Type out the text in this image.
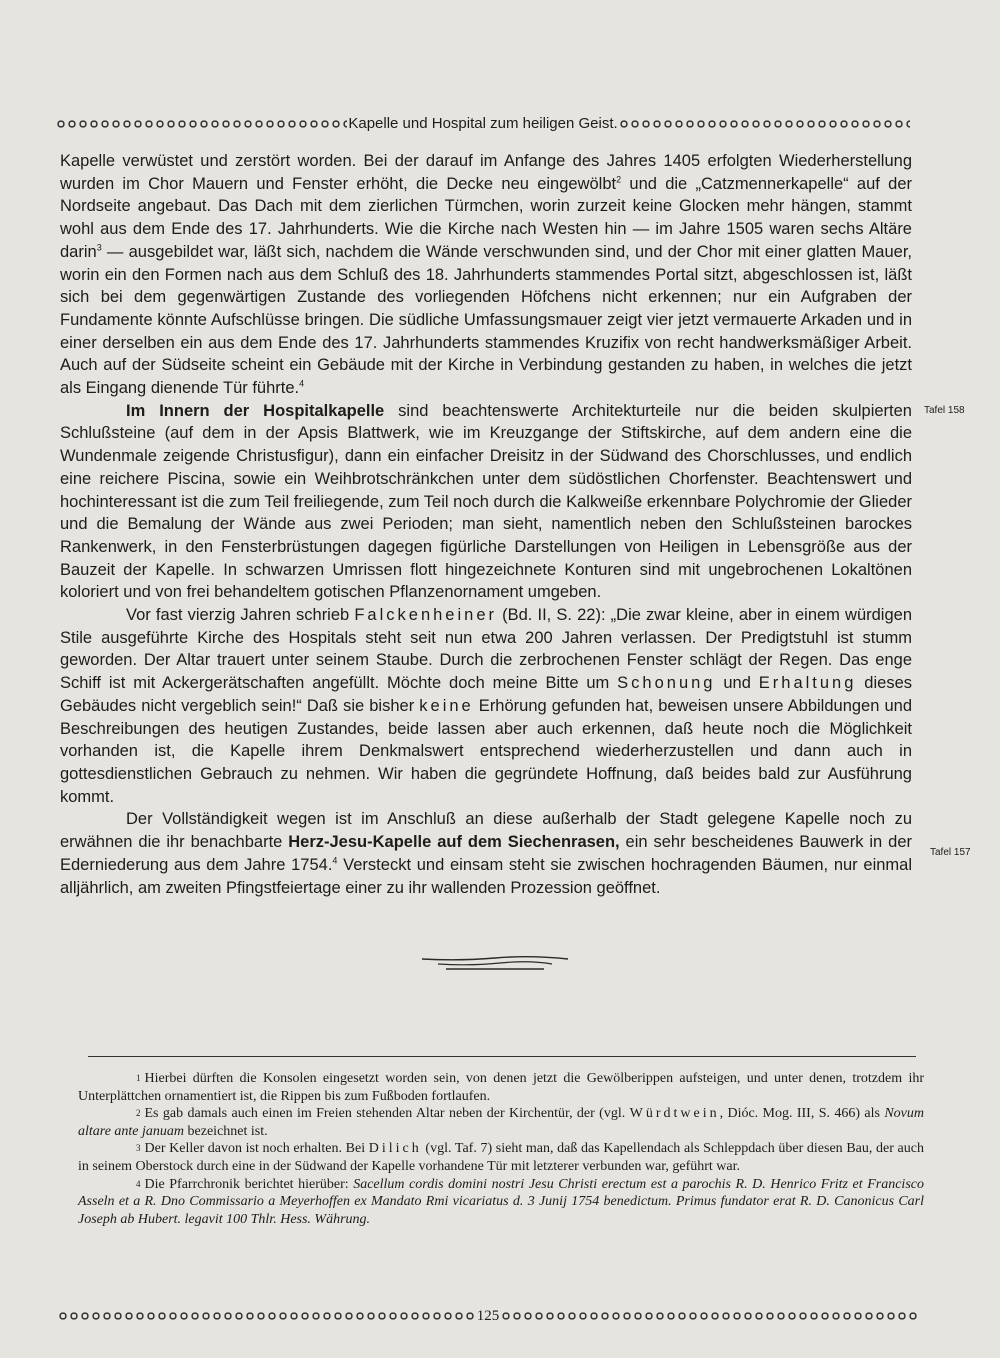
Kapelle und Hospital zum heiligen Geist.

Kapelle verwüstet und zerstört worden. Bei der darauf im Anfange des Jahres 1405 erfolgten Wiederherstellung wurden im Chor Mauern und Fenster erhöht, die Decke neu eingewölbt$^2$ und die „Catzmennerkapelle“ auf der Nordseite angebaut. Das Dach mit dem zierlichen Türmchen, worin zurzeit keine Glocken mehr hängen, stammt wohl aus dem Ende des 17. Jahrhunderts. Wie die Kirche nach Westen hin — im Jahre 1505 waren sechs Altäre darin$^3$ — ausgebildet war, läßt sich, nachdem die Wände verschwunden sind, und der Chor mit einer glatten Mauer, worin ein den Formen nach aus dem Schluß des 18. Jahrhunderts stammendes Portal sitzt, abgeschlossen ist, läßt sich bei dem gegenwärtigen Zustande des vorliegenden Höfchens nicht erkennen; nur ein Aufgraben der Fundamente könnte Aufschlüsse bringen. Die südliche Umfassungsmauer zeigt vier jetzt vermauerte Arkaden und in einer derselben ein aus dem Ende des 17. Jahrhunderts stammendes Kruzifix von recht handwerksmäßiger Arbeit. Auch auf der Südseite scheint ein Gebäude mit der Kirche in Verbindung gestanden zu haben, in welches die jetzt als Eingang dienende Tür führte.$^4$

Im Innern der Hospitalkapelle sind beachtenswerte Architekturteile nur die beiden skulpierten Schlußsteine (auf dem in der Apsis Blattwerk, wie im Kreuzgange der Stiftskirche, auf dem andern eine die Wundenmale zeigende Christusfigur), dann ein einfacher Dreisitz in der Südwand des Chorschlusses, und endlich eine reichere Piscina, sowie ein Weihbrotschränkchen unter dem südöstlichen Chorfenster. Beachtenswert und hochinteressant ist die zum Teil freiliegende, zum Teil noch durch die Kalkweiße erkennbare Polychromie der Glieder und die Bemalung der Wände aus zwei Perioden; man sieht, namentlich neben den Schlußsteinen barockes Rankenwerk, in den Fensterbrüstungen dagegen figürliche Darstellungen von Heiligen in Lebensgröße aus der Bauzeit der Kapelle. In schwarzen Umrissen flott hingezeichnete Konturen sind mit ungebrochenen Lokaltönen koloriert und von frei behandeltem gotischen Pflanzenornament umgeben.

Vor fast vierzig Jahren schrieb Falckenheiner (Bd. II, S. 22): „Die zwar kleine, aber in einem würdigen Stile ausgeführte Kirche des Hospitals steht seit nun etwa 200 Jahren verlassen. Der Predigtstuhl ist stumm geworden. Der Altar trauert unter seinem Staube. Durch die zerbrochenen Fenster schlägt der Regen. Das enge Schiff ist mit Ackergerätschaften angefüllt. Möchte doch meine Bitte um Schonung und Erhaltung dieses Gebäudes nicht vergeblich sein!“ Daß sie bisher keine Erhörung gefunden hat, beweisen unsere Abbildungen und Beschreibungen des heutigen Zustandes, beide lassen aber auch erkennen, daß heute noch die Möglichkeit vorhanden ist, die Kapelle ihrem Denkmalswert entsprechend wiederherzustellen und dann auch in gottesdienstlichen Gebrauch zu nehmen. Wir haben die gegründete Hoffnung, daß beides bald zur Ausführung kommt.

Der Vollständigkeit wegen ist im Anschluß an diese außerhalb der Stadt gelegene Kapelle noch zu erwähnen die ihr benachbarte Herz-Jesu-Kapelle auf dem Siechenrasen, ein sehr bescheidenes Bauwerk in der Ederniederung aus dem Jahre 1754.$^4$ Versteckt und einsam steht sie zwischen hochragenden Bäumen, nur einmal alljährlich, am zweiten Pfingstfeiertage einer zu ihr wallenden Prozession geöffnet.

Tafel 158
Tafel 157

1 Hierbei dürften die Konsolen eingesetzt worden sein, von denen jetzt die Gewölberippen aufsteigen, und unter denen, trotzdem ihr Unterplättchen ornamentiert ist, die Rippen bis zum Fußboden fortlaufen.

2 Es gab damals auch einen im Freien stehenden Altar neben der Kirchentür, der (vgl. Würdtwein, Dióc. Mog. III, S. 466) als Novum altare ante januam bezeichnet ist.

3 Der Keller davon ist noch erhalten. Bei Dilich (vgl. Taf. 7) sieht man, daß das Kapellendach als Schleppdach über diesen Bau, der auch in seinem Oberstock durch eine in der Südwand der Kapelle vorhandene Tür mit letzterer verbunden war, geführt war.

4 Die Pfarrchronik berichtet hierüber: Sacellum cordis domini nostri Jesu Christi erectum est a parochis R. D. Henrico Fritz et Francisco Asseln et a R. Dno Commissario a Meyerhoffen ex Mandato Rmi vicariatus d. 3 Junij 1754 benedictum. Primus fundator erat R. D. Canonicus Carl Joseph ab Hubert. legavit 100 Thlr. Hess. Währung.

125
